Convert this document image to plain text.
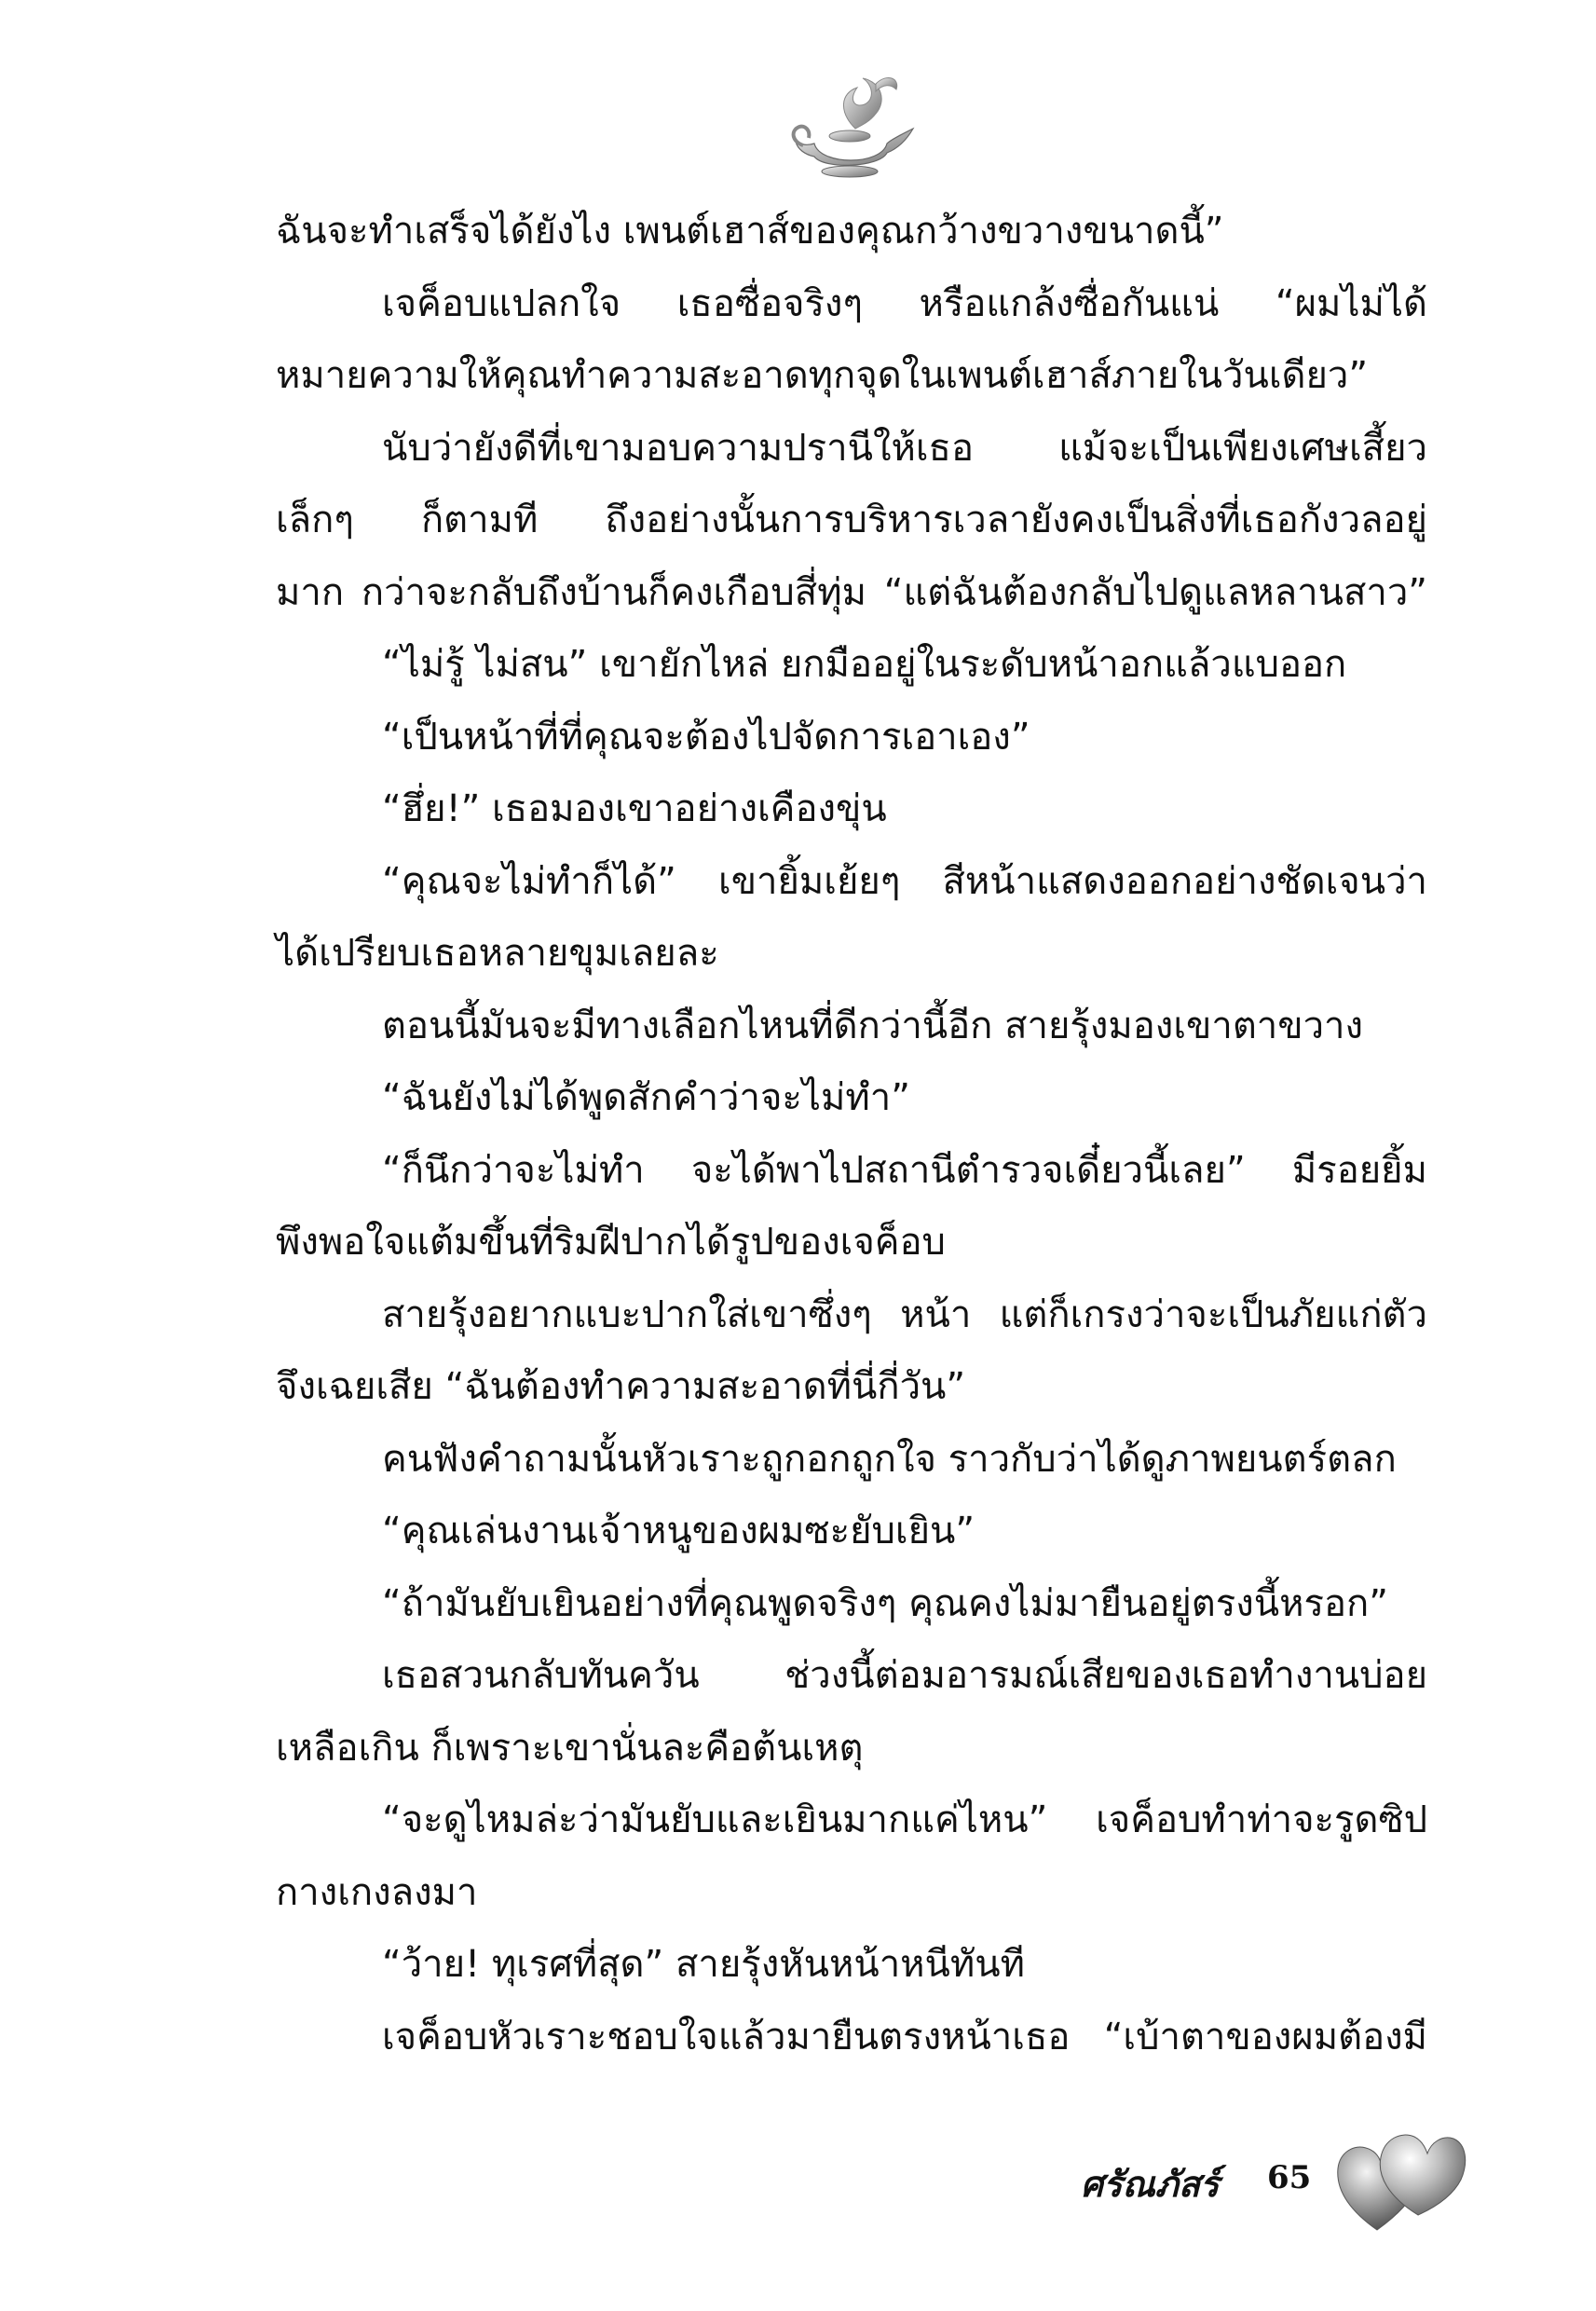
ฉันจะทำเสร็จได้ยังไง เพนต์เฮาส์ของคุณกว้างขวางขนาดนี้”
เจค็อบแปลกใจ เธอซื่อจริงๆ หรือแกล้งซื่อกันแน่ “ผมไม่ได้
หมายความให้คุณทำความสะอาดทุกจุดในเพนต์เฮาส์ภายในวันเดียว”
นับว่ายังดีที่เขามอบความปรานีให้เธอ แม้จะเป็นเพียงเศษเสี้ยว
เล็กๆ ก็ตามที ถึงอย่างนั้นการบริหารเวลายังคงเป็นสิ่งที่เธอกังวลอยู่
มาก กว่าจะกลับถึงบ้านก็คงเกือบสี่ทุ่ม “แต่ฉันต้องกลับไปดูแลหลานสาว”
“ไม่รู้ ไม่สน” เขายักไหล่ ยกมืออยู่ในระดับหน้าอกแล้วแบออก
“เป็นหน้าที่ที่คุณจะต้องไปจัดการเอาเอง”
“ฮึ่ย!” เธอมองเขาอย่างเคืองขุ่น
“คุณจะไม่ทำก็ได้” เขายิ้มเย้ยๆ สีหน้าแสดงออกอย่างชัดเจนว่า
ได้เปรียบเธอหลายขุมเลยละ
ตอนนี้มันจะมีทางเลือกไหนที่ดีกว่านี้อีก สายรุ้งมองเขาตาขวาง
“ฉันยังไม่ได้พูดสักคำว่าจะไม่ทำ”
“ก็นึกว่าจะไม่ทำ จะได้พาไปสถานีตำรวจเดี๋ยวนี้เลย” มีรอยยิ้ม
พึงพอใจแต้มขึ้นที่ริมฝีปากได้รูปของเจค็อบ
สายรุ้งอยากแบะปากใส่เขาซึ่งๆ หน้า แต่ก็เกรงว่าจะเป็นภัยแก่ตัว
จึงเฉยเสีย “ฉันต้องทำความสะอาดที่นี่กี่วัน”
คนฟังคำถามนั้นหัวเราะถูกอกถูกใจ ราวกับว่าได้ดูภาพยนตร์ตลก
“คุณเล่นงานเจ้าหนูของผมซะยับเยิน”
“ถ้ามันยับเยินอย่างที่คุณพูดจริงๆ คุณคงไม่มายืนอยู่ตรงนี้หรอก”
เธอสวนกลับทันควัน ช่วงนี้ต่อมอารมณ์เสียของเธอทำงานบ่อย
เหลือเกิน ก็เพราะเขานั่นละคือต้นเหตุ
“จะดูไหมล่ะว่ามันยับและเยินมากแค่ไหน” เจค็อบทำท่าจะรูดซิป
กางเกงลงมา
“ว้าย! ทุเรศที่สุด” สายรุ้งหันหน้าหนีทันที
เจค็อบหัวเราะชอบใจแล้วมายืนตรงหน้าเธอ “เบ้าตาของผมต้องมี
ศรัณภัสร์ 65
